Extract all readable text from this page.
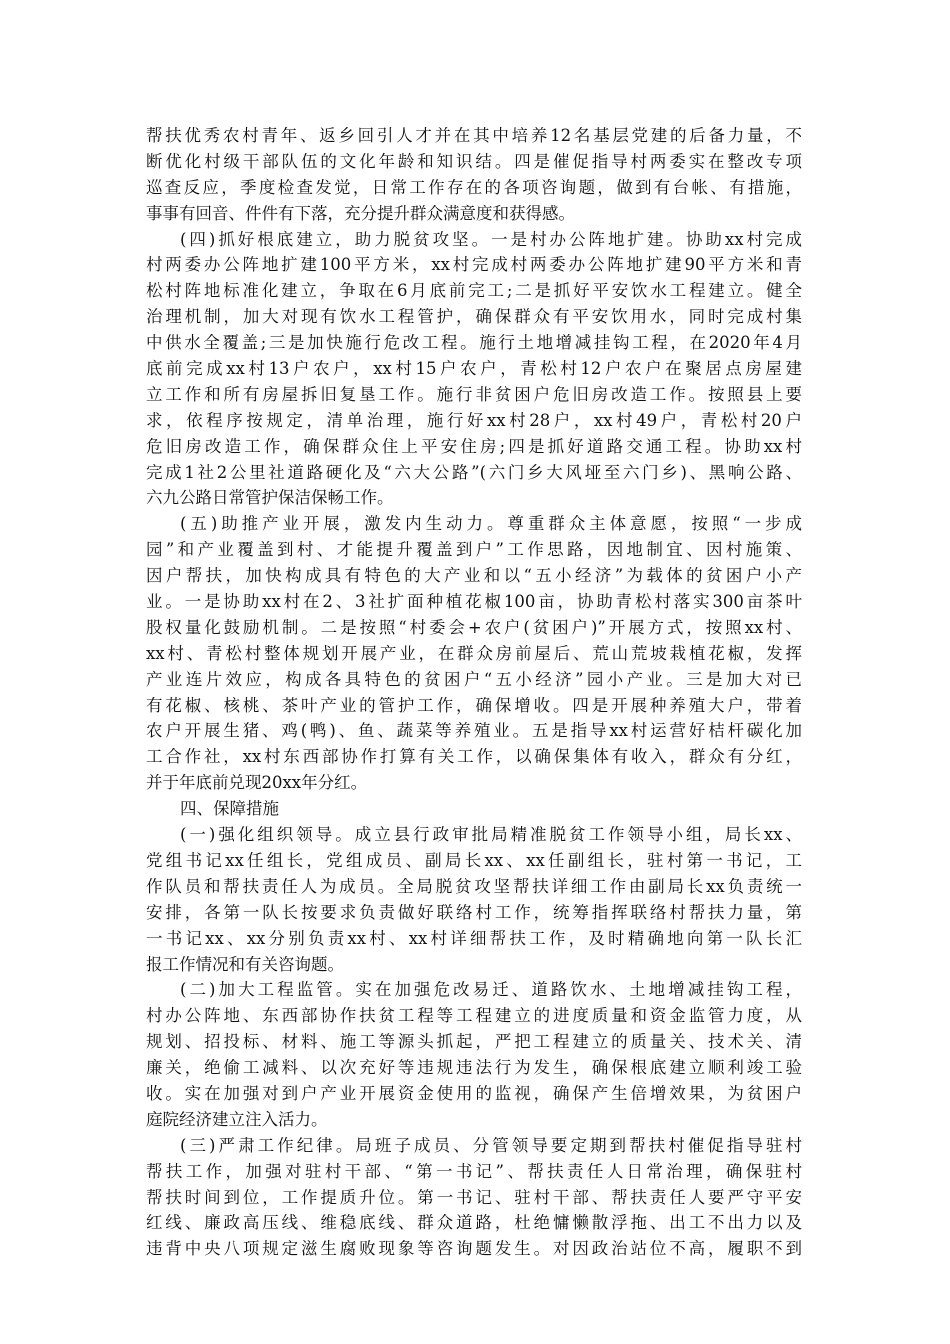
帮扶优秀农村青年、返乡回引人才并在其中培养12名基层党建的后备力量，不
断优化村级干部队伍的文化年龄和知识结。四是催促指导村两委实在整改专项
巡查反应，季度检查发觉，日常工作存在的各项咨询题，做到有台帐、有措施，
事事有回音、件件有下落，充分提升群众满意度和获得感。
(四)抓好根底建立，助力脱贫攻坚。一是村办公阵地扩建。协助xx村完成
村两委办公阵地扩建100平方米，xx村完成村两委办公阵地扩建90平方米和青
松村阵地标准化建立，争取在6月底前完工;二是抓好平安饮水工程建立。健全
治理机制，加大对现有饮水工程管护，确保群众有平安饮用水，同时完成村集
中供水全覆盖;三是加快施行危改工程。施行土地增减挂钩工程，在2020年4月
底前完成xx村13户农户，xx村15户农户，青松村12户农户在聚居点房屋建
立工作和所有房屋拆旧复垦工作。施行非贫困户危旧房改造工作。按照县上要
求，依程序按规定，清单治理，施行好xx村28户，xx村49户，青松村20户
危旧房改造工作，确保群众住上平安住房;四是抓好道路交通工程。协助xx村
完成1社2公里社道路硬化及“六大公路”(六门乡大风垭至六门乡)、黑响公路、
六九公路日常管护保洁保畅工作。
(五)助推产业开展，激发内生动力。尊重群众主体意愿，按照“一步成
园”和产业覆盖到村、才能提升覆盖到户”工作思路，因地制宜、因村施策、
因户帮扶，加快构成具有特色的大产业和以“五小经济”为载体的贫困户小产
业。一是协助xx村在2、3社扩面种植花椒100亩，协助青松村落实300亩茶叶
股权量化鼓励机制。二是按照“村委会+农户(贫困户)”开展方式，按照xx村、
xx村、青松村整体规划开展产业，在群众房前屋后、荒山荒坡栽植花椒，发挥
产业连片效应，构成各具特色的贫困户“五小经济”园小产业。三是加大对已
有花椒、核桃、茶叶产业的管护工作，确保增收。四是开展种养殖大户，带着
农户开展生猪、鸡(鸭)、鱼、蔬菜等养殖业。五是指导xx村运营好桔杆碳化加
工合作社，xx村东西部协作打算有关工作，以确保集体有收入，群众有分红，
并于年底前兑现20xx年分红。
四、保障措施
(一)强化组织领导。成立县行政审批局精准脱贫工作领导小组，局长xx、
党组书记xx任组长，党组成员、副局长xx、xx任副组长，驻村第一书记，工
作队员和帮扶责任人为成员。全局脱贫攻坚帮扶详细工作由副局长xx负责统一
安排，各第一队长按要求负责做好联络村工作，统筹指挥联络村帮扶力量，第
一书记xx、xx分别负责xx村、xx村详细帮扶工作，及时精确地向第一队长汇
报工作情况和有关咨询题。
(二)加大工程监管。实在加强危改易迁、道路饮水、土地增减挂钩工程，
村办公阵地、东西部协作扶贫工程等工程建立的进度质量和资金监管力度，从
规划、招投标、材料、施工等源头抓起，严把工程建立的质量关、技术关、清
廉关，绝偷工减料、以次充好等违规违法行为发生，确保根底建立顺利竣工验
收。实在加强对到户产业开展资金使用的监视，确保产生倍增效果，为贫困户
庭院经济建立注入活力。
(三)严肃工作纪律。局班子成员、分管领导要定期到帮扶村催促指导驻村
帮扶工作，加强对驻村干部、“第一书记”、帮扶责任人日常治理，确保驻村
帮扶时间到位，工作提质升位。第一书记、驻村干部、帮扶责任人要严守平安
红线、廉政高压线、维稳底线、群众道路，杜绝慵懒散浮拖、出工不出力以及
违背中央八项规定滋生腐败现象等咨询题发生。对因政治站位不高，履职不到
